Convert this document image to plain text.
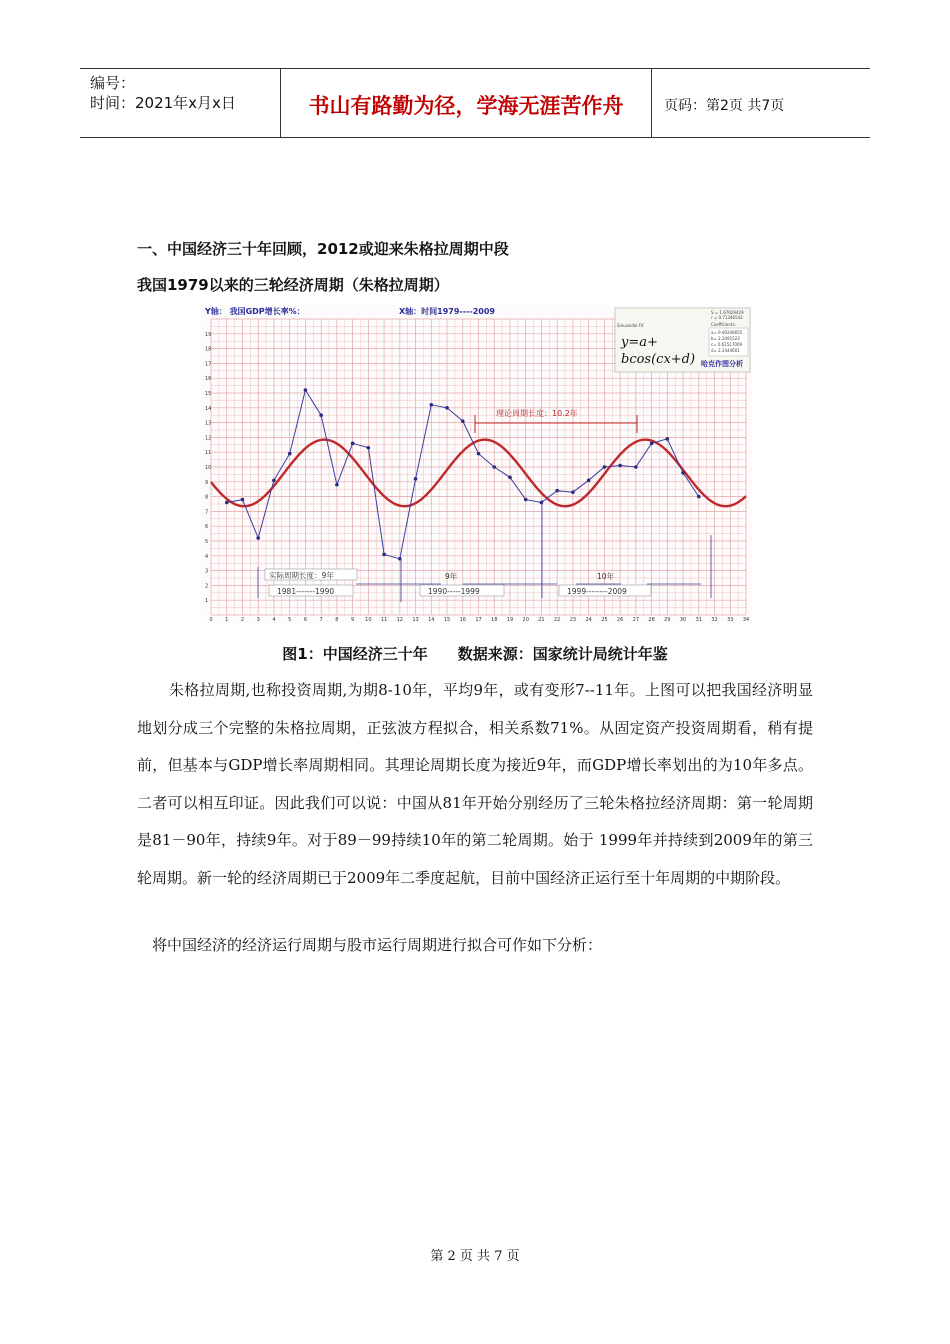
编号：
时间：2021年x月x日	书山有路勤为径，学海无涯苦作舟	页码：第2页 共7页
一、中国经济三十年回顾，2012或迎来朱格拉周期中段
我国1979以来的三轮经济周期（朱格拉周期）
0	1	2	3	4	5	6	7	8	9 10 11 12 13 14 15 16 17 18 19 20 21 22 23 24 25 26 27 28 29 30 31 32 33 34
1
2
3
4
5
6
7
8
9
10
11
12
13
14
15
16
17
18
19
Y轴： 我国GDP增长率%：	X轴：时间1979----2009
Sinusoidal Fit
S = 1.67629429
r = 0.71346543
Coefficients:
a= 9.49246655
b= 2.2491523
c= 0.61517009
d= 2.2444601
y=a+
bcos(cx+d) 哈克作图分析
理论周期长度：10.2年
实际周期长度：9年
1981-------1990
9年
1990-----1999
10年
1999--------2009
图1：中国经济三十年 数据来源：国家统计局统计年鉴

朱格拉周期,也称投资周期,为期8-10年，平均9年，或有变形7--11年。上图可以把我国经济明显地划分成三个完整的朱格拉周期，正弦波方程拟合，相关系数71%。从固定资产投资周期看，稍有提前，但基本与GDP增长率周期相同。其理论周期长度为接近9年，而GDP增长率划出的为10年多点。二者可以相互印证。因此我们可以说：中国从81年开始分别经历了三轮朱格拉经济周期：第一轮周期是81－90年，持续9年。对于89－99持续10年的第二轮周期。始于 1999年并持续到2009年的第三轮周期。新一轮的经济周期已于2009年二季度起航，目前中国经济正运行至十年周期的中期阶段。

将中国经济的经济运行周期与股市运行周期进行拟合可作如下分析：

第 2 页 共 7 页
